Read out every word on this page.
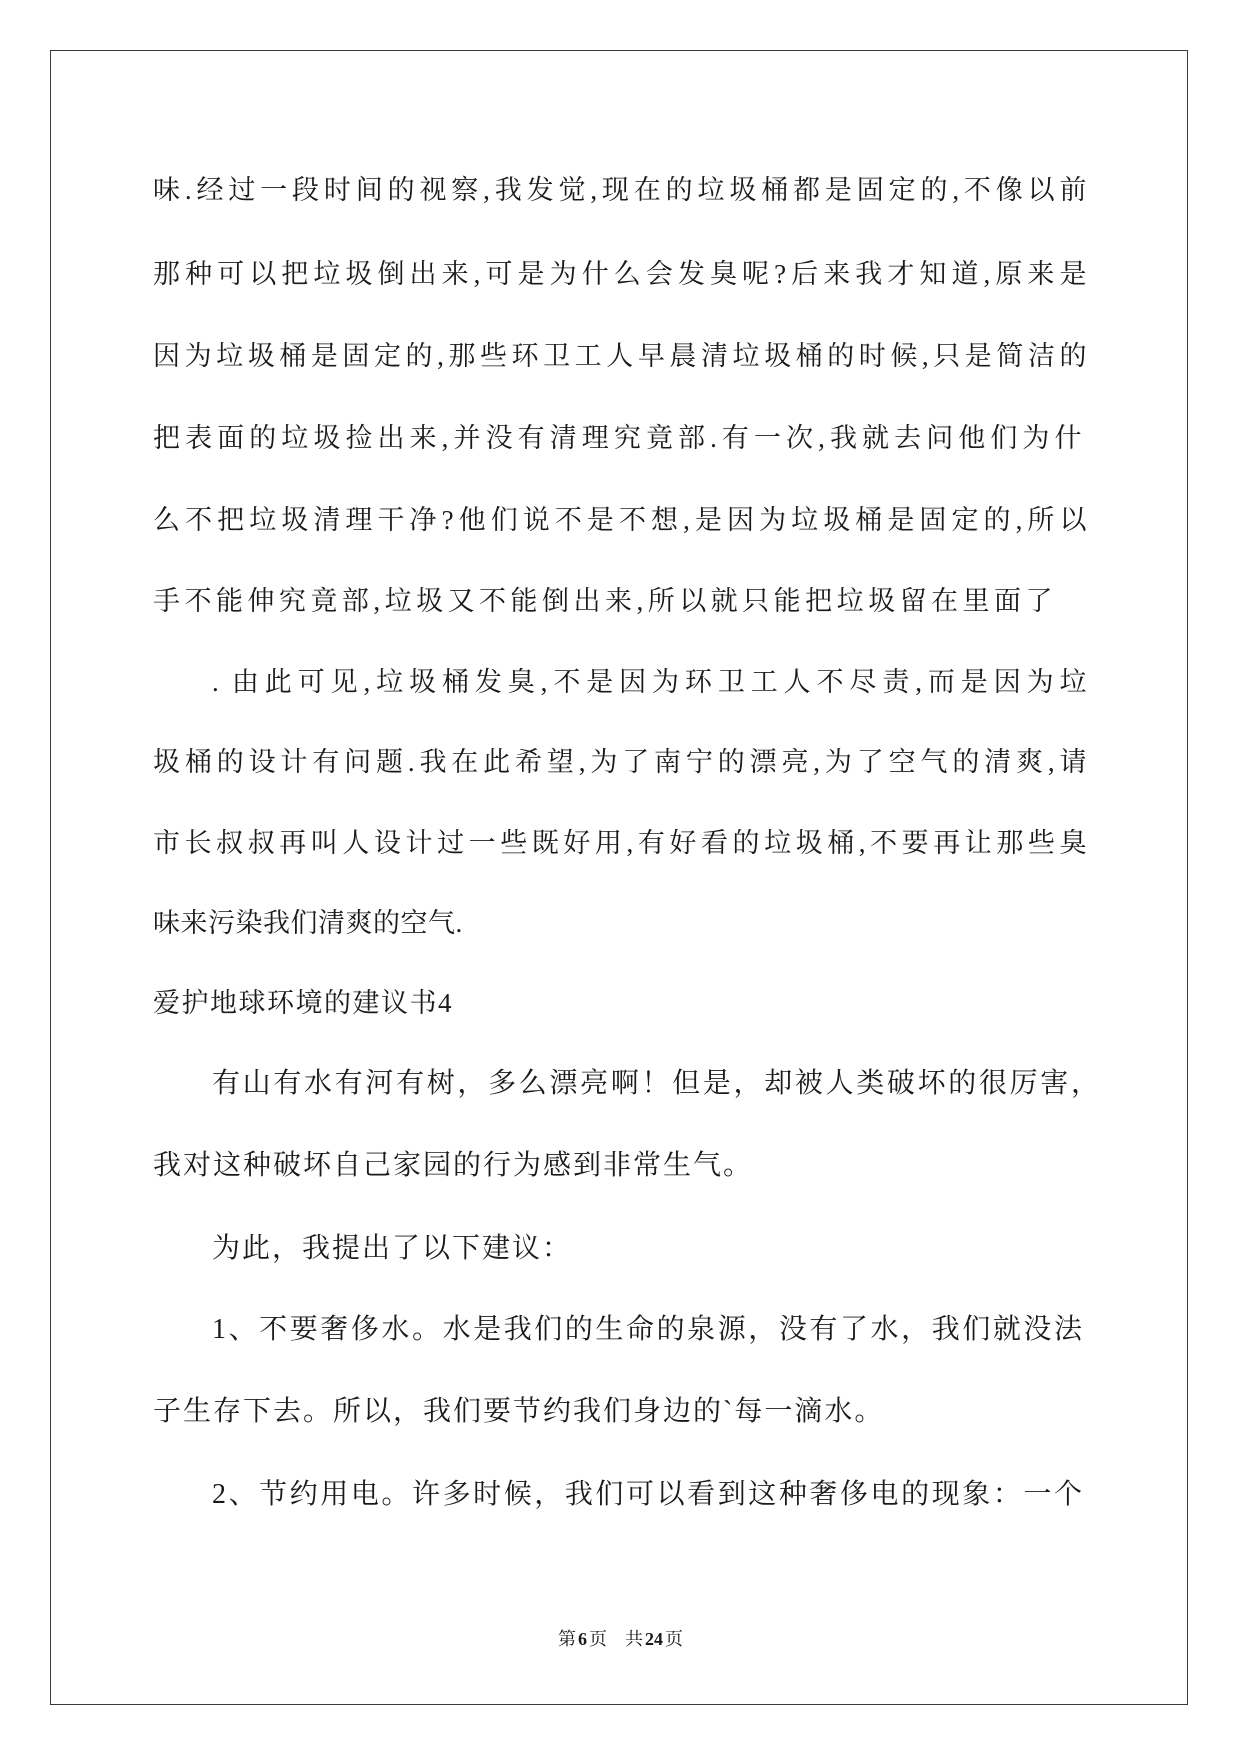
味.经过一段时间的视察,我发觉,现在的垃圾桶都是固定的,不像以前
那种可以把垃圾倒出来,可是为什么会发臭呢?后来我才知道,原来是
因为垃圾桶是固定的,那些环卫工人早晨清垃圾桶的时候,只是简洁的
把表面的垃圾捡出来,并没有清理究竟部.有一次,我就去问他们为什
么不把垃圾清理干净?他们说不是不想,是因为垃圾桶是固定的,所以
手不能伸究竟部,垃圾又不能倒出来,所以就只能把垃圾留在里面了
. 由此可见,垃圾桶发臭,不是因为环卫工人不尽责,而是因为垃
圾桶的设计有问题.我在此希望,为了南宁的漂亮,为了空气的清爽,请
市长叔叔再叫人设计过一些既好用,有好看的垃圾桶,不要再让那些臭
味来污染我们清爽的空气.
爱护地球环境的建议书4
有山有水有河有树，多么漂亮啊！但是，却被人类破坏的很厉害，
我对这种破坏自己家园的行为感到非常生气。
为此，我提出了以下建议：
1、不要奢侈水。水是我们的生命的泉源，没有了水，我们就没法
子生存下去。所以，我们要节约我们身边的`每一滴水。
2、节约用电。许多时候，我们可以看到这种奢侈电的现象：一个
第 6 页 共 24 页
